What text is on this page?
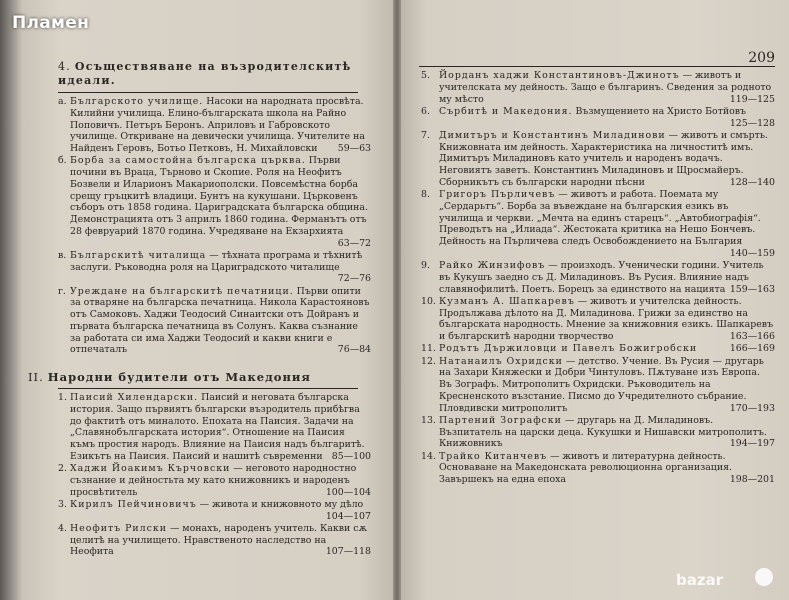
4. Осъществяване на възродителскитѣ
идеали.
а. Българското училище. Насоки на народната просвѣта. Килийни училища. Елино-българската школа на Райно Поповичъ. Петъръ Беронъ. Априловъ и Габровското училище. Откриване на девически училища. Учителите на Найденъ Геровъ, Ботьо Петковъ, Н. Михайловски 59—63
б. Борба за самостойна българска църква. Първи почини въ Враца, Търново и Скопие. Роля на Неофитъ Бозвели и Иларионъ Макариополски. Повсемѣстна борба срещу гръцкитѣ владици. Бунтъ на кукушани. Църковенъ съборъ отъ 1858 година. Цариградската българска община. Демонстрацията отъ 3 априлъ 1860 година. Ферманътъ отъ 28 февруарий 1870 година. Учредяване на Екзархията
63—72
в. Българскитѣ читалища — тѣхната програма и тѣхнитѣ заслуги. Ръководна роля на Цариградското читалище
72—76
г. Уреждане на българскитѣ печатници. Първи опити за отваряне на българска печатница. Никола Карастояновъ отъ Самоковъ. Хаджи Теодосий Синаитски отъ Дойранъ и първата българска печатница въ Солунъ. Каква съзнание за работата си има Хаджи Теодосий и какви книги е отпечаталъ	76—84
II. Народни будители отъ Македония
1. Паисий Хилендарски. Паисий и неговата българска история. Защо първиятъ български възродитель прибѣгва до фактитѣ отъ миналото. Епохата на Паисия. Задачи на „Славянобългарската история“. Отношение на Паисия къмъ простия народъ. Влияние на Паисия надъ българитѣ. Езикътъ на Паисия. Паисий и нашитѣ съвременни 85—100
2. Хаджи Йоакимъ Кърчовски — неговото народностно съзнание и дейностьта му като книжовникъ и народенъ просвѣтитель	100—104
3. Кирилъ Пейчиновичъ — живота и книжовното му дѣло
104—107
4. Неофитъ Рилски — монахъ, народенъ учитель. Какви сѫ целитѣ на училището. Нравственото наследство на Неофита	107—118
209
5. Йорданъ хаджи Константиновъ-Джинотъ — животъ и учителската му дейность. Защо е българинъ. Сведения за родното му мѣсто	119—125
6. Сърбитѣ и Македония. Възмущението на Христо Ботйовъ
125—128
7. Димитъръ и Константинъ Миладинови — животъ и смърть. Книжовната им дейность. Характеристика на личноститѣ имъ. Димитъръ Миладиновъ като учитель и народенъ водачъ. Неговиятъ заветъ. Константинъ Миладиновъ и Щросмайеръ. Сборникътъ съ български народни пѣсни	128—140
8. Григоръ Пърличевъ — животъ и работа. Поемата му „Сердарьтъ“. Борба за въвеждане на българския езикъ въ училища и черкви. „Мечта на единъ старецъ“. „Автобиографія“. Преводътъ на „Илиада“. Жестоката критика на Нешо Бончевъ. Дейность на Пърличева следъ Освобождението на България
140—159
9. Райко Жинзифовъ — произходъ. Ученически години. Учитель въ Кукушъ заедно съ Д. Миладиновъ. Въ Русия. Влияние надъ славянофилитѣ. Поетъ. Борецъ за единството на нацията 159—163
10. Кузманъ А. Шапкаревъ — животъ и учителска дейность. Продължава дѣлото на Д. Миладинова. Грижи за единство на българската народность. Мнение за книжовния езикъ. Шапкаревъ и българскитѣ народни творчество	163—166
11. Родътъ Държиловци и Павелъ Божигробски	166—169
12. Натанаилъ Охридски — детство. Учение. Въ Русия — другарь на Захари Княжески и Добри Чинтуловъ. Пѫтуване изъ Европа. Въ Зографъ. Митрополитъ Охридски. Ръководитель на Кресненското възстание. Писмо до Учредителното събрание. Пловдивски митрополитъ	170—193
13. Партений Зографски — другарь на Д. Миладиновъ. Възпитатель на царски деца. Кукушки и Нишавски митрополитъ. Книжовникъ	194—197
14. Трайко Китанчевъ — животъ и литературна дейность. Основаване на Македонската революционна организация. Завършекъ на една епоха	198—201
Пламен
bazar
